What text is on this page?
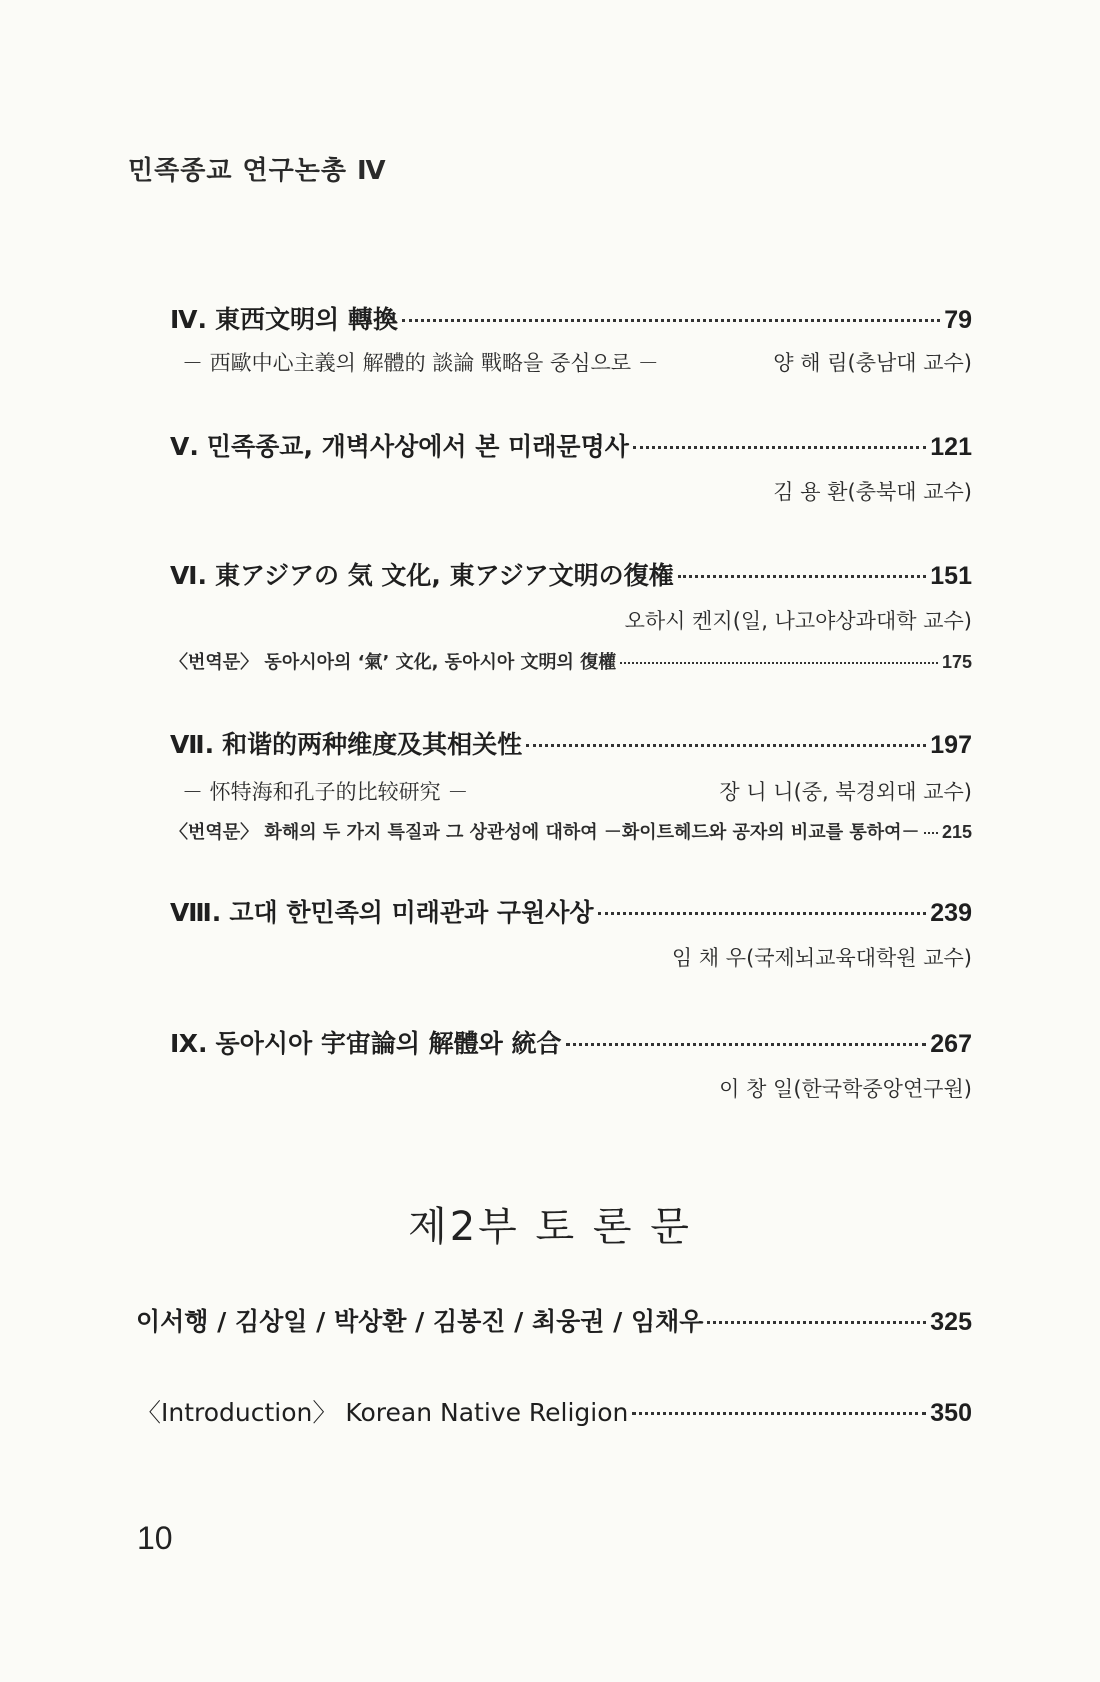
민족종교 연구논총 Ⅳ
Ⅳ. 東西文明의 轉換	79
－ 西歐中心主義의 解體的 談論 戰略을 중심으로 －	양 해 림(충남대 교수)
Ⅴ. 민족종교, 개벽사상에서 본 미래문명사	121
김 용 환(충북대 교수)
Ⅵ. 東アジアの 気 文化, 東アジア文明の復権	151
오하시 켄지(일, 나고야상과대학 교수)
〈번역문〉 동아시아의 ‘氣’ 文化, 동아시아 文明의 復權	175
Ⅶ. 和谐的两种维度及其相关性	197
－ 怀特海和孔子的比较研究 －	장 니 니(중, 북경외대 교수)
〈번역문〉 화해의 두 가지 특질과 그 상관성에 대하여 －화이트헤드와 공자의 비교를 통하여－ 215
Ⅷ. 고대 한민족의 미래관과 구원사상	239
임 채 우(국제뇌교육대학원 교수)
Ⅸ. 동아시아 宇宙論의 解體와 統合	267
이 창 일(한국학중앙연구원)
제2부 토 론 문
이서행 / 김상일 / 박상환 / 김봉진 / 최웅권 / 임채우	325
〈Introduction〉 Korean Native Religion	350
10
